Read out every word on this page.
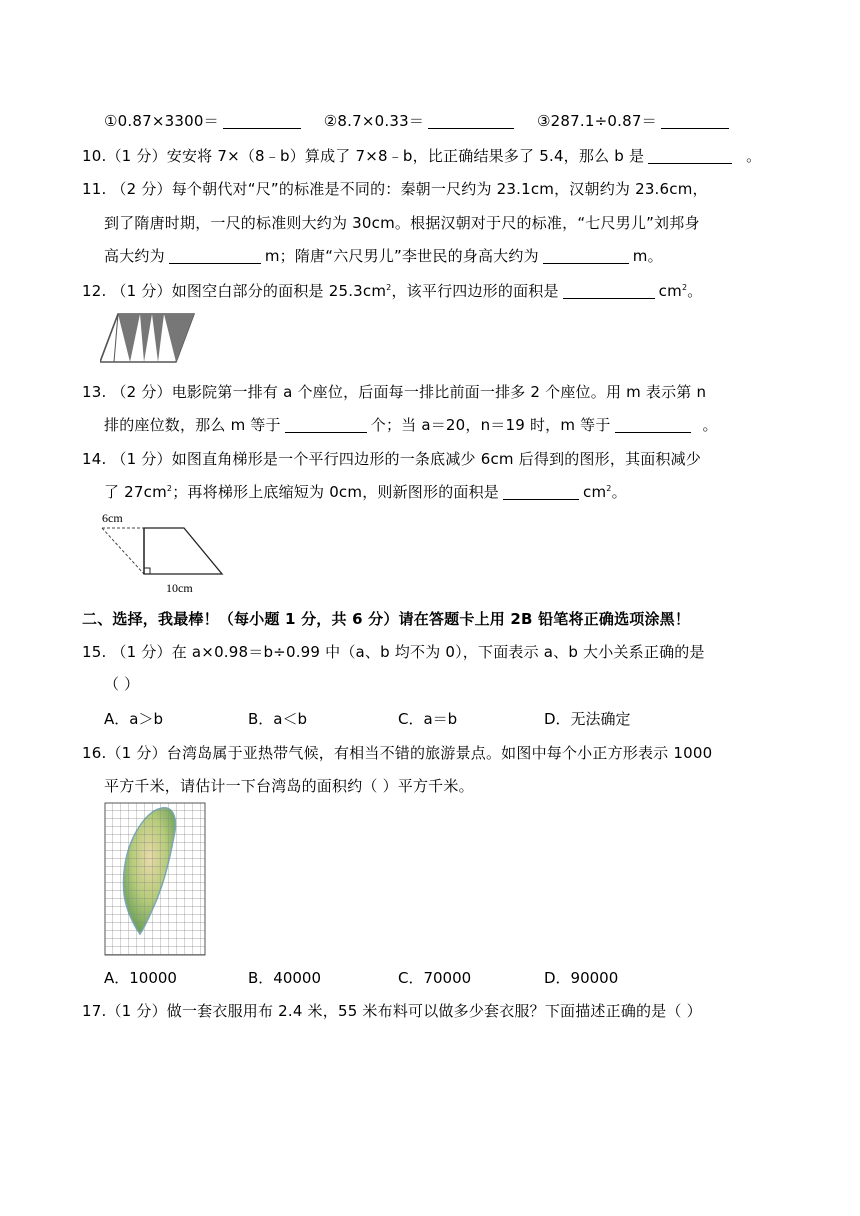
①0.87×3300＝	②8.7×0.33＝	③287.1÷0.87＝
10.（1 分）安安将 7×（8﹣b）算成了 7×8﹣b，比正确结果多了 5.4，那么 b 是	。
11. （2 分）每个朝代对“尺”的标准是不同的：秦朝一尺约为 23.1cm，汉朝约为 23.6cm，
到了隋唐时期，一尺的标准则大约为 30cm。根据汉朝对于尺的标准，“七尺男儿”刘邦身
高大约为	m；隋唐“六尺男儿”李世民的身高大约为	m。
12. （1 分）如图空白部分的面积是 $25.3cm^2$，该平行四边形的面积是	$cm^2$。
13. （2 分）电影院第一排有 a 个座位，后面每一排比前面一排多 2 个座位。用 m 表示第 n
排的座位数，那么 m 等于	个；当 a＝20，n＝19 时，m 等于	。
14. （1 分）如图直角梯形是一个平行四边形的一条底减少 6cm 后得到的图形，其面积减少
了 $27cm^2$；再将梯形上底缩短为 0cm，则新图形的面积是	$cm^2$。
6cm
10cm
二、选择，我最棒！（每小题 1 分，共 6 分）请在答题卡上用 2B 铅笔将正确选项涂黑！
15. （1 分）在 a×0.98＝b÷0.99 中（a、b 均不为 0），下面表示 a、b 大小关系正确的是
（ ）
A．a＞b	B．a＜b	C．a＝b	D．无法确定
16.（1 分）台湾岛属于亚热带气候，有相当不错的旅游景点。如图中每个小正方形表示 1000
平方千米，请估计一下台湾岛的面积约（ ）平方千米。
A．10000	B．40000	C．70000	D．90000
17.（1 分）做一套衣服用布 2.4 米，55 米布料可以做多少套衣服？下面描述正确的是（ ）
